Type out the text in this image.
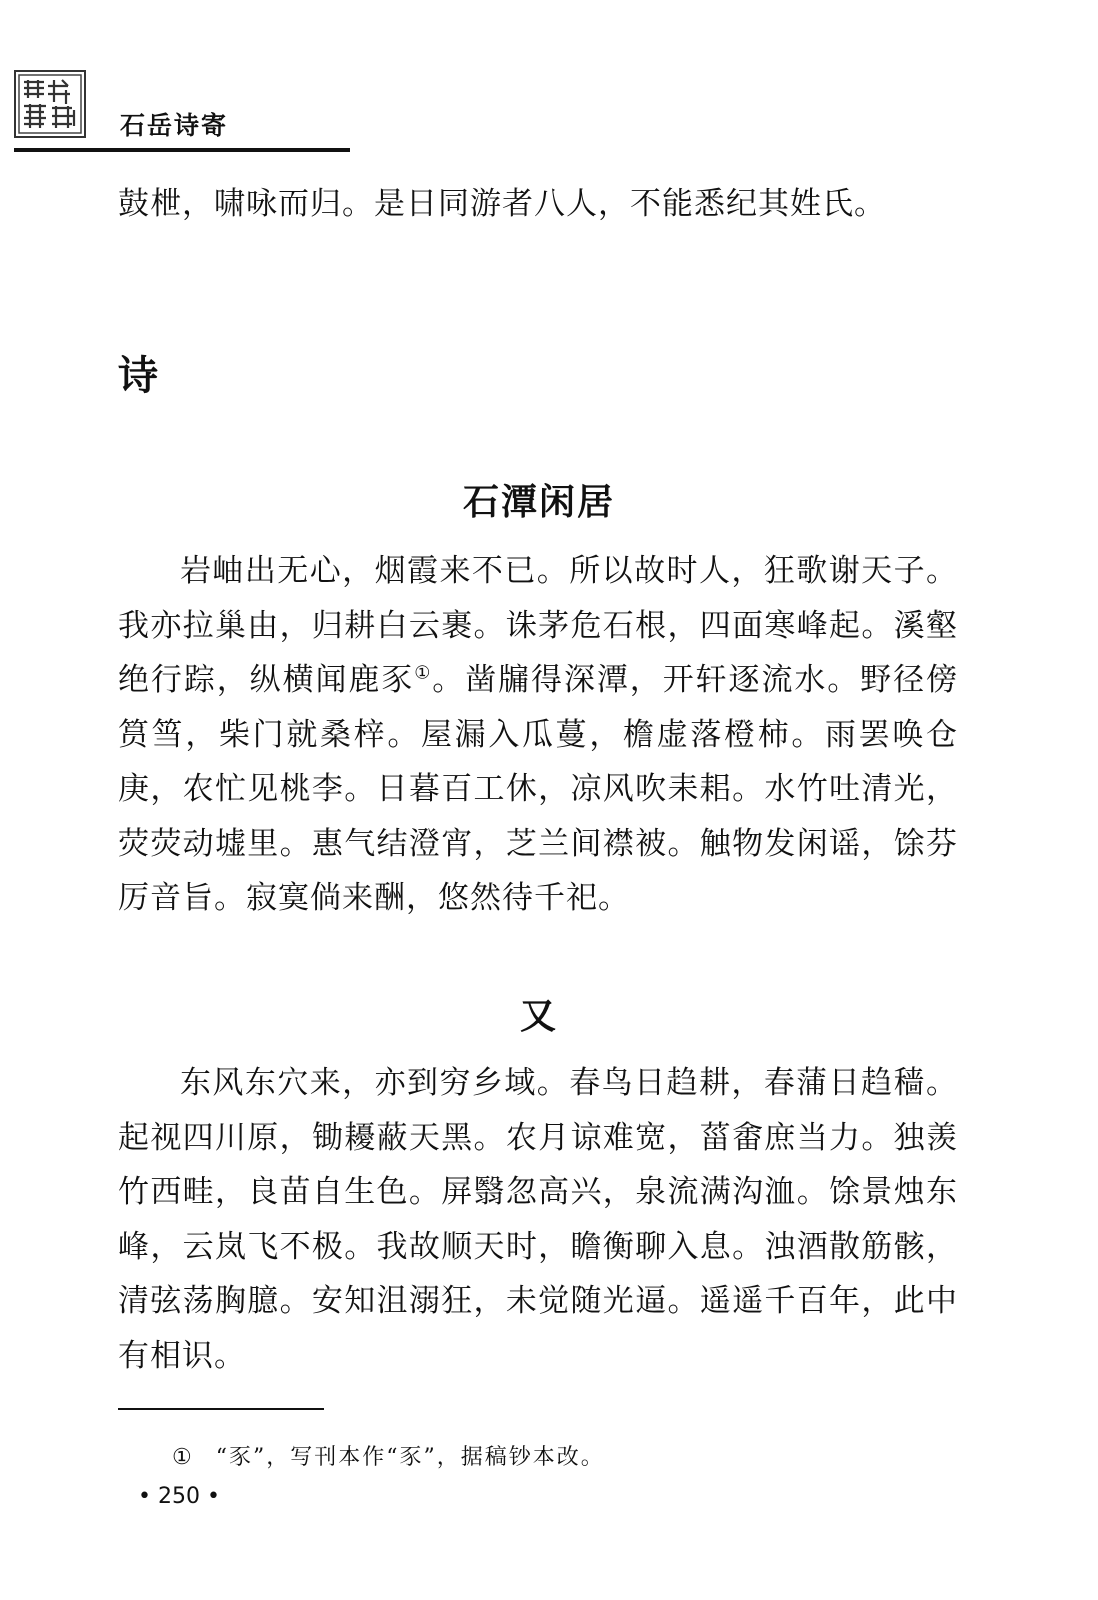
石岳诗寄
鼓枻，啸咏而归。是日同游者八人，不能悉纪其姓氏。
诗
石潭闲居
岩岫出无心，烟霞来不已。所以故时人，狂歌谢天子。我亦拉巢由，归耕白云裹。诛茅危石根，四面寒峰起。溪壑绝行踪，纵横闻鹿豕①。凿牖得深潭，开轩逐流水。野径傍筼筜，柴门就桑梓。屋漏入瓜蔓，檐虚落橙柿。雨罢唤仓庚，农忙见桃李。日暮百工休，凉风吹耒耜。水竹吐清光，荧荧动墟里。惠气结澄宵，芝兰间襟被。触物发闲谣，馀芬厉音旨。寂寞倘来酬，悠然待千祀。
又
东风东穴来，亦到穷乡域。春鸟日趋耕，春蒲日趋穑。起视四川原，锄耰蔽天黑。农月谅难宽，菑畬庶当力。独羡竹西畦，良苗自生色。屏翳忽高兴，泉流满沟洫。馀景烛东峰，云岚飞不极。我故顺天时，瞻衡聊入息。浊酒散筋骸，清弦荡胸臆。安知沮溺狂，未觉随光逼。遥遥千百年，此中有相识。
① “豕”，写刊本作“豕”，据稿钞本改。
• 250 •
